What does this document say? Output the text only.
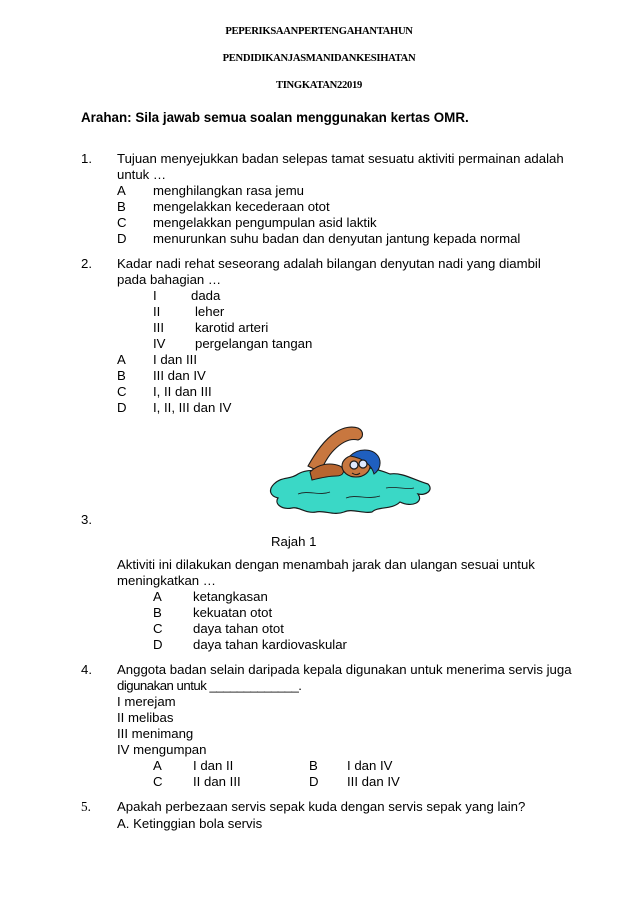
PEPERIKSAANPERTENGAHANTAHUN
PENDIDIKANJASMANIDANKESIHATAN
TINGKATAN22019
Arahan: Sila jawab semua soalan menggunakan kertas OMR.
1. Tujuan menyejukkan badan selepas tamat sesuatu aktiviti permainan adalah
untuk …
A menghilangkan rasa jemu
B mengelakkan kecederaan otot
C mengelakkan pengumpulan asid laktik
D menurunkan suhu badan dan denyutan jantung kepada normal
2. Kadar nadi rehat seseorang adalah bilangan denyutan nadi yang diambil
pada bahagian …
I	dada
II	leher
III karotid arteri
IV pergelangan tangan
A I dan III
B III dan IV
C I, II dan III
D I, II, III dan IV
3.
Rajah 1
Aktiviti ini dilakukan dengan menambah jarak dan ulangan sesuai untuk
meningkatkan …
A ketangkasan
B kekuatan otot
C daya tahan otot
D daya tahan kardiovaskular
4. Anggota badan selain daripada kepala digunakan untuk menerima servis juga
digunakan untuk _____________.
I merejam
II melibas
III menimang
IV mengumpan
A I dan II	B I dan IV
C II dan III	D III dan IV
5. Apakah perbezaan servis sepak kuda dengan servis sepak yang lain?
A. Ketinggian bola servis
